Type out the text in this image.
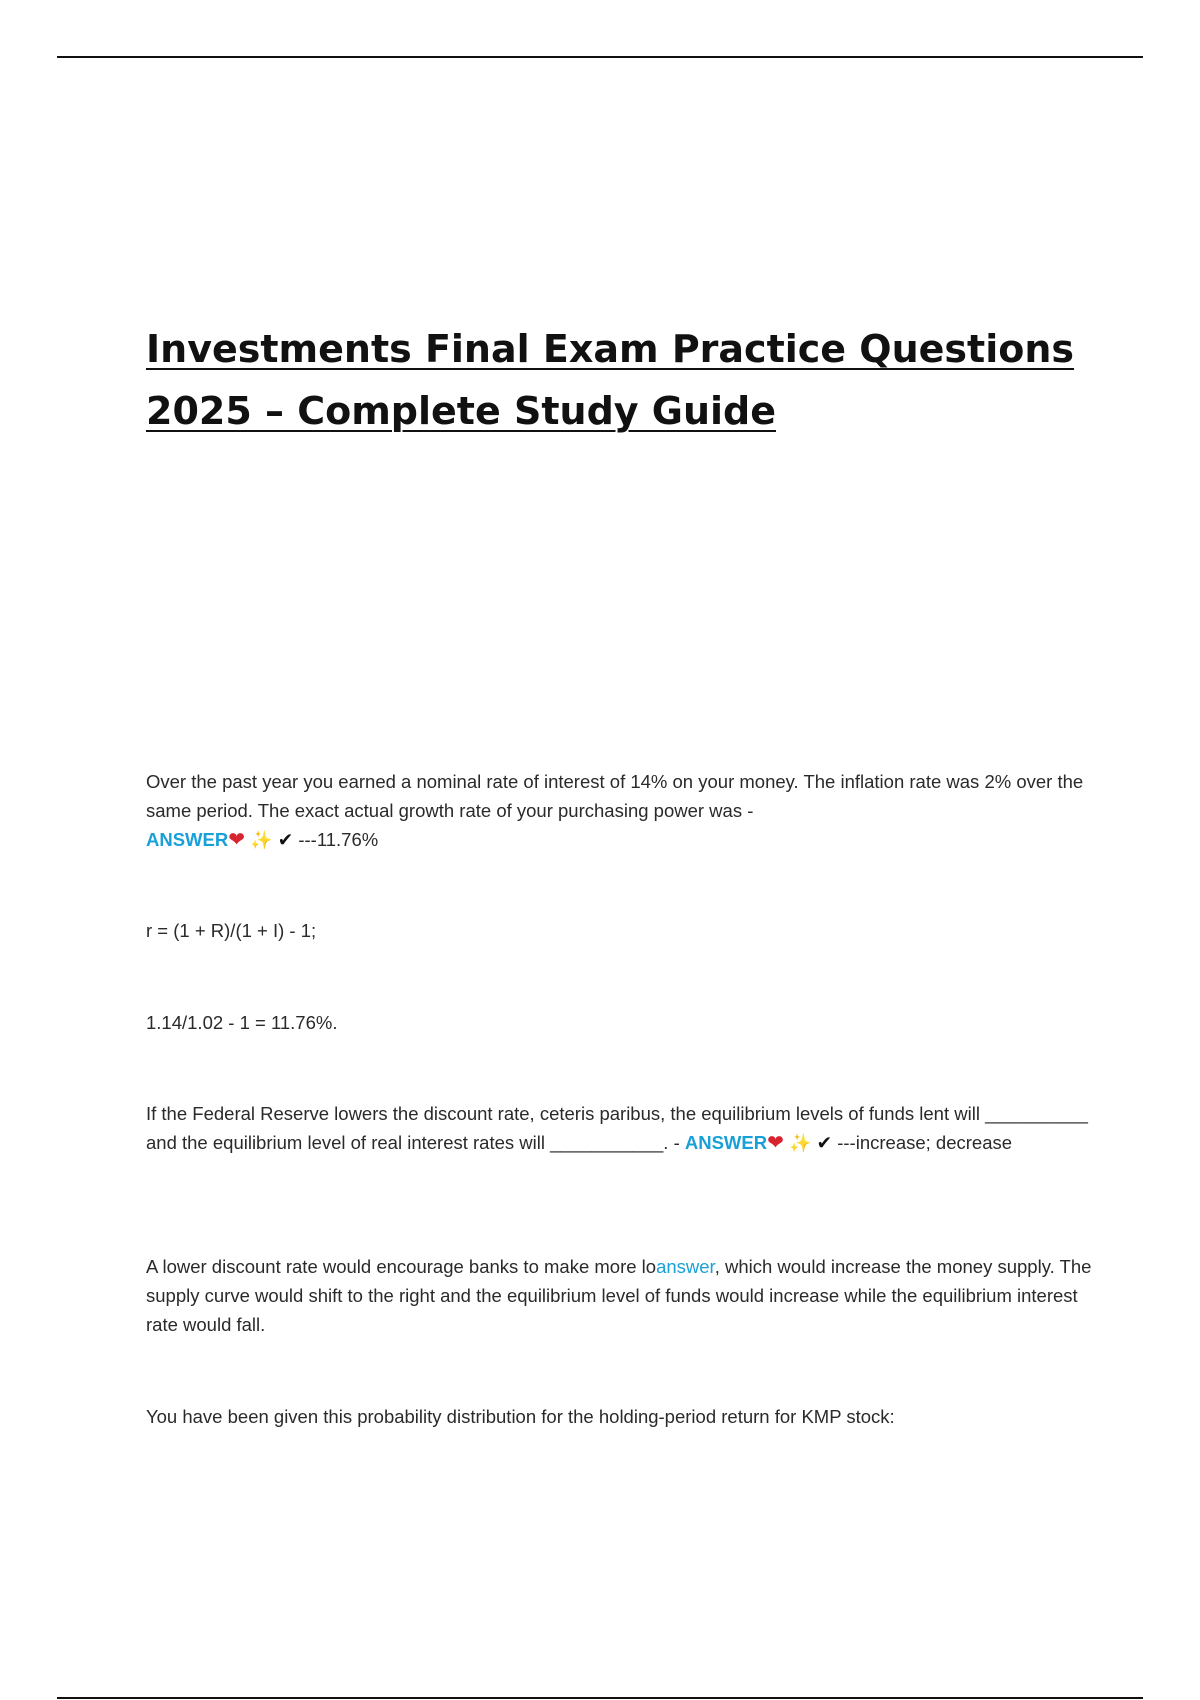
Investments Final Exam Practice Questions
2025 – Complete Study Guide

Over the past year you earned a nominal rate of interest of 14% on your money. The inflation rate was 2% over the same period. The exact actual growth rate of your purchasing power was -
ANSWER❤ ✨ ✔ ---11.76%

r = (1 + R)/(1 + I) - 1;

1.14/1.02 - 1 = 11.76%.

If the Federal Reserve lowers the discount rate, ceteris paribus, the equilibrium levels of funds lent will __________ and the equilibrium level of real interest rates will ___________. - ANSWER❤ ✨ ✔ ---increase; decrease

A lower discount rate would encourage banks to make more loanswer, which would increase the money supply. The supply curve would shift to the right and the equilibrium level of funds would increase while the equilibrium interest rate would fall.

You have been given this probability distribution for the holding-period return for KMP stock:
